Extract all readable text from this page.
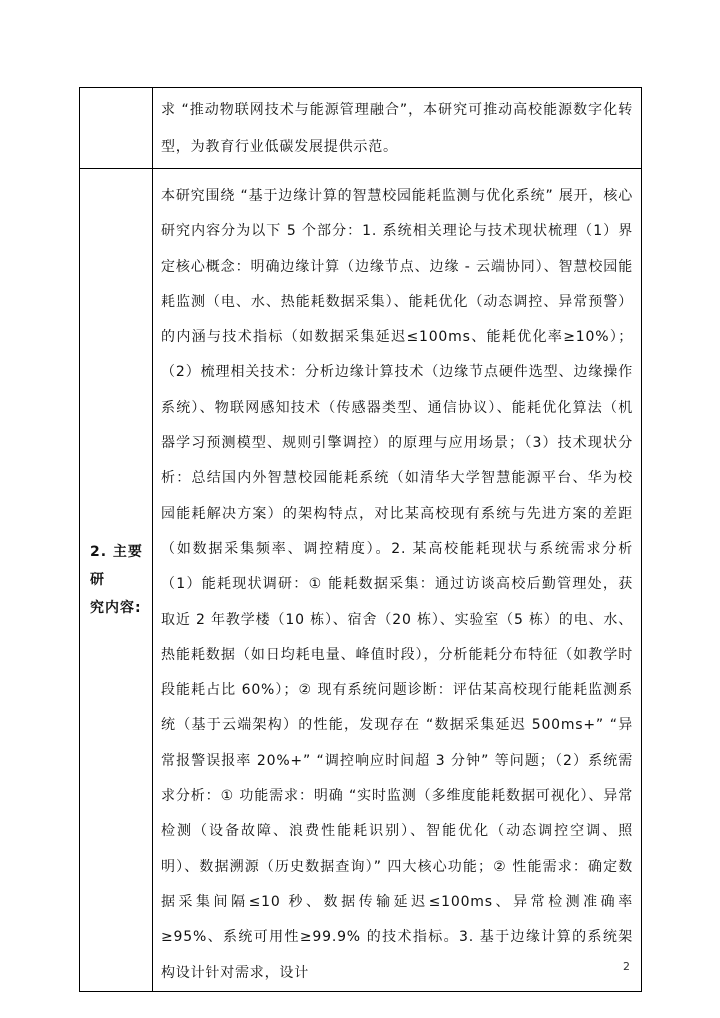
	求 “推动物联网技术与能源管理融合”，本研究可推动高校能源数字化转型，为教育行业低碳发展提供示范。

2. 主要研
究内容:	本研究围绕 “基于边缘计算的智慧校园能耗监测与优化系统” 展开，核心研究内容分为以下 5 个部分：1. 系统相关理论与技术现状梳理（1）界定核心概念：明确边缘计算（边缘节点、边缘 - 云端协同）、智慧校园能耗监测（电、水、热能耗数据采集）、能耗优化（动态调控、异常预警）的内涵与技术指标（如数据采集延迟≤100ms、能耗优化率≥10%）；（2）梳理相关技术：分析边缘计算技术（边缘节点硬件选型、边缘操作系统）、物联网感知技术（传感器类型、通信协议）、能耗优化算法（机器学习预测模型、规则引擎调控）的原理与应用场景；（3）技术现状分析：总结国内外智慧校园能耗系统（如清华大学智慧能源平台、华为校园能耗解决方案）的架构特点，对比某高校现有系统与先进方案的差距（如数据采集频率、调控精度）。2. 某高校能耗现状与系统需求分析（1）能耗现状调研：① 能耗数据采集：通过访谈高校后勤管理处，获取近 2 年教学楼（10 栋）、宿舍（20 栋）、实验室（5 栋）的电、水、热能耗数据（如日均耗电量、峰值时段），分析能耗分布特征（如教学时段能耗占比 60%）；② 现有系统问题诊断：评估某高校现行能耗监测系统（基于云端架构）的性能，发现存在 “数据采集延迟 500ms+” “异常报警误报率 20%+” “调控响应时间超 3 分钟” 等问题；（2）系统需求分析：① 功能需求：明确 “实时监测（多维度能耗数据可视化）、异常检测（设备故障、浪费性能耗识别）、智能优化（动态调控空调、照明）、数据溯源（历史数据查询）” 四大核心功能；② 性能需求：确定数据采集间隔≤10 秒、数据传输延迟≤100ms、异常检测准确率≥95%、系统可用性≥99.9% 的技术指标。3. 基于边缘计算的系统架构设计针对需求，设计	2
